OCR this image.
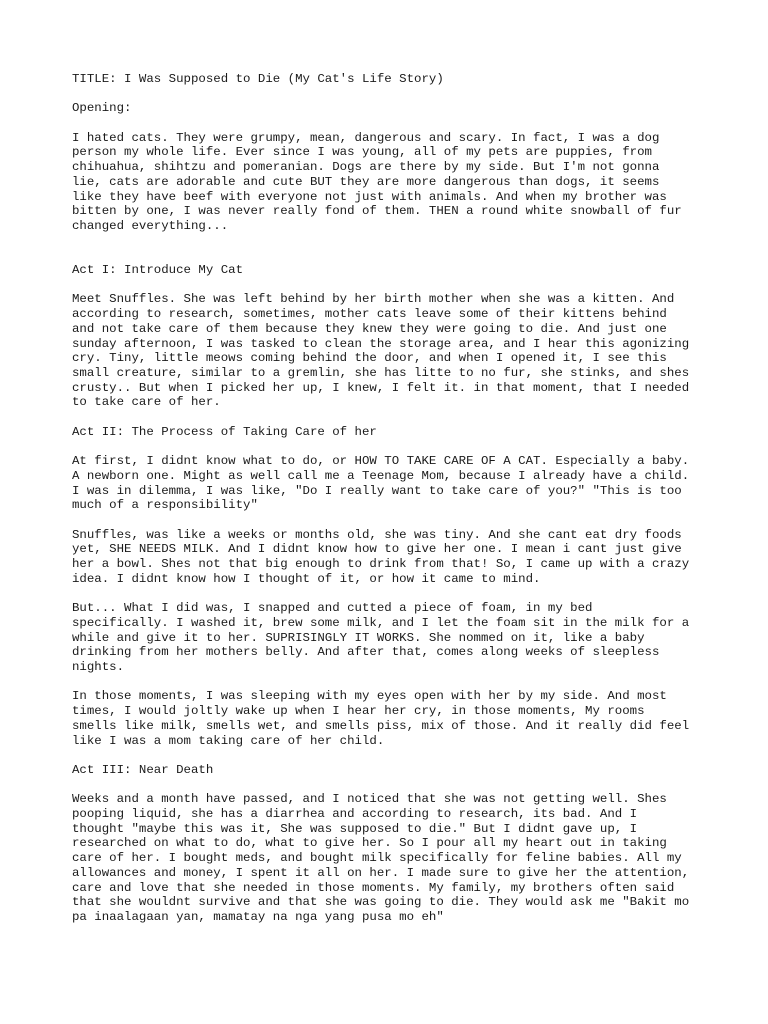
TITLE: I Was Supposed to Die (My Cat's Life Story)

Opening:

I hated cats. They were grumpy, mean, dangerous and scary. In fact, I was a dog
person my whole life. Ever since I was young, all of my pets are puppies, from
chihuahua, shihtzu and pomeranian. Dogs are there by my side. But I'm not gonna
lie, cats are adorable and cute BUT they are more dangerous than dogs, it seems
like they have beef with everyone not just with animals. And when my brother was
bitten by one, I was never really fond of them. THEN a round white snowball of fur
changed everything...

Act I: Introduce My Cat

Meet Snuffles. She was left behind by her birth mother when she was a kitten. And
according to research, sometimes, mother cats leave some of their kittens behind
and not take care of them because they knew they were going to die. And just one
sunday afternoon, I was tasked to clean the storage area, and I hear this agonizing
cry. Tiny, little meows coming behind the door, and when I opened it, I see this
small creature, similar to a gremlin, she has litte to no fur, she stinks, and shes
crusty.. But when I picked her up, I knew, I felt it. in that moment, that I needed
to take care of her.

Act II: The Process of Taking Care of her

At first, I didnt know what to do, or HOW TO TAKE CARE OF A CAT. Especially a baby.
A newborn one. Might as well call me a Teenage Mom, because I already have a child.
I was in dilemma, I was like, "Do I really want to take care of you?" "This is too
much of a responsibility"

Snuffles, was like a weeks or months old, she was tiny. And she cant eat dry foods
yet, SHE NEEDS MILK. And I didnt know how to give her one. I mean i cant just give
her a bowl. Shes not that big enough to drink from that! So, I came up with a crazy
idea. I didnt know how I thought of it, or how it came to mind.

But... What I did was, I snapped and cutted a piece of foam, in my bed
specifically. I washed it, brew some milk, and I let the foam sit in the milk for a
while and give it to her. SUPRISINGLY IT WORKS. She nommed on it, like a baby
drinking from her mothers belly. And after that, comes along weeks of sleepless
nights.

In those moments, I was sleeping with my eyes open with her by my side. And most
times, I would joltly wake up when I hear her cry, in those moments, My rooms
smells like milk, smells wet, and smells piss, mix of those. And it really did feel
like I was a mom taking care of her child.

Act III: Near Death

Weeks and a month have passed, and I noticed that she was not getting well. Shes
pooping liquid, she has a diarrhea and according to research, its bad. And I
thought "maybe this was it, She was supposed to die." But I didnt gave up, I
researched on what to do, what to give her. So I pour all my heart out in taking
care of her. I bought meds, and bought milk specifically for feline babies. All my
allowances and money, I spent it all on her. I made sure to give her the attention,
care and love that she needed in those moments. My family, my brothers often said
that she wouldnt survive and that she was going to die. They would ask me "Bakit mo
pa inaalagaan yan, mamatay na nga yang pusa mo eh"
